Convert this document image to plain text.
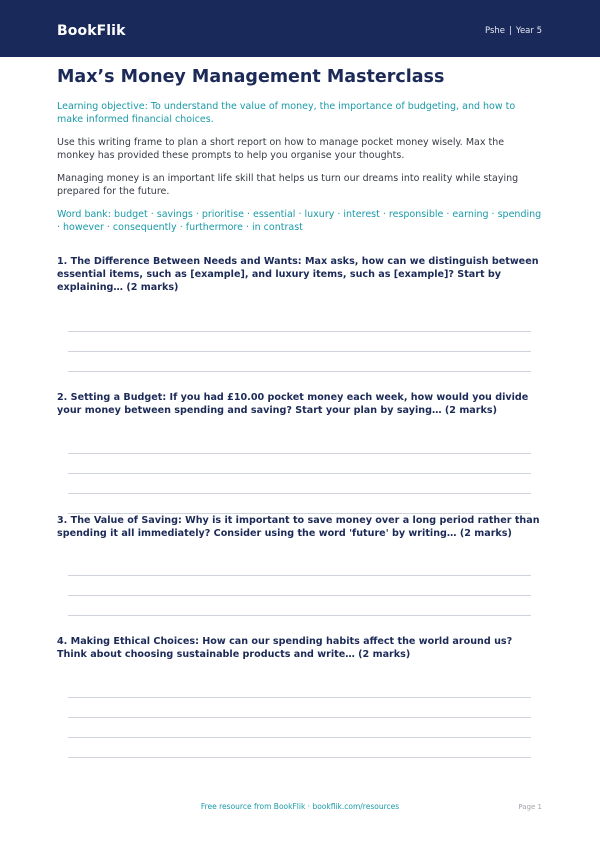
BookFlik	Pshe | Year 5
Max’s Money Management Masterclass
Learning objective: To understand the value of money, the importance of budgeting, and how to make informed financial choices.
Use this writing frame to plan a short report on how to manage pocket money wisely. Max the monkey has provided these prompts to help you organise your thoughts.
Managing money is an important life skill that helps us turn our dreams into reality while staying prepared for the future.
Word bank: budget · savings · prioritise · essential · luxury · interest · responsible · earning · spending · however · consequently · furthermore · in contrast
1. The Difference Between Needs and Wants: Max asks, how can we distinguish between essential items, such as [example], and luxury items, such as [example]? Start by explaining… (2 marks)
2. Setting a Budget: If you had £10.00 pocket money each week, how would you divide your money between spending and saving? Start your plan by saying… (2 marks)
3. The Value of Saving: Why is it important to save money over a long period rather than spending it all immediately? Consider using the word 'future' by writing… (2 marks)
4. Making Ethical Choices: How can our spending habits affect the world around us? Think about choosing sustainable products and write… (2 marks)
Free resource from BookFlik · bookflik.com/resources	Page 1
